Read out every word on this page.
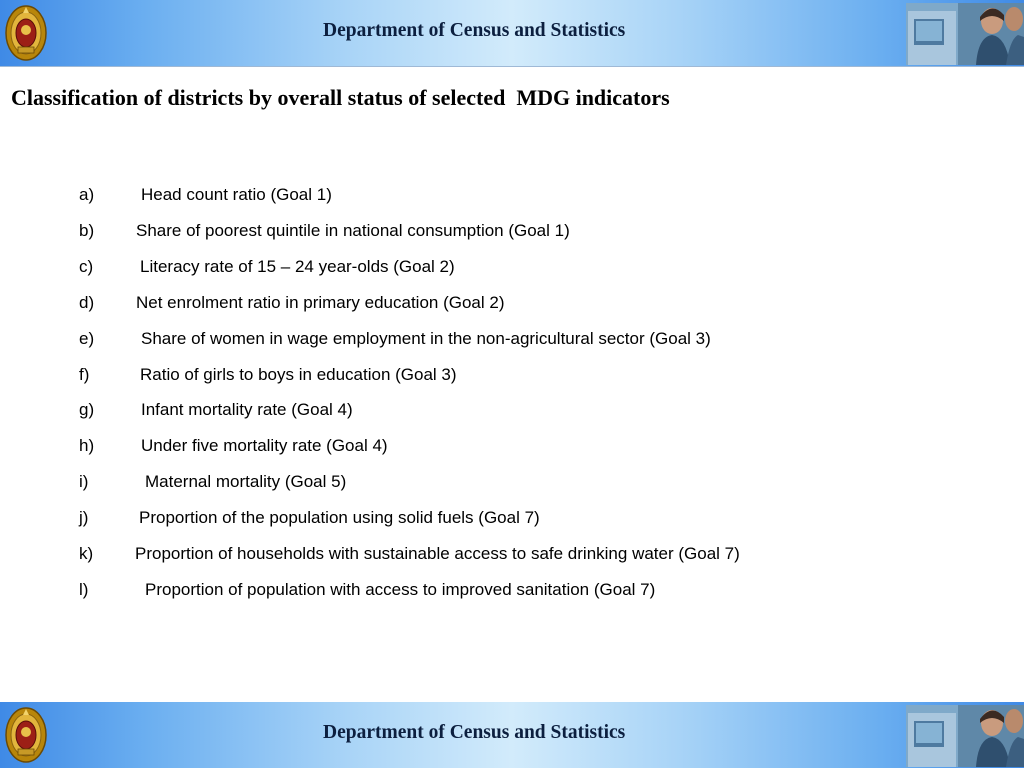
Department of Census and Statistics
Classification of districts by overall status of selected  MDG indicators
a)	Head count ratio (Goal 1)
b) Share of poorest quintile in national consumption (Goal 1)
c)	Literacy rate of 15 – 24 year-olds (Goal 2)
d) Net enrolment ratio in primary education (Goal 2)
e)	Share of women in wage employment in the non-agricultural sector (Goal 3)
f)	Ratio of girls to boys in education (Goal 3)
g)	Infant mortality rate (Goal 4)
h)	Under five mortality rate (Goal 4)
i)	Maternal mortality (Goal 5)
j)	Proportion of the population using solid fuels (Goal 7)
k) Proportion of households with sustainable access to safe drinking water (Goal 7)
l)	Proportion of population with access to improved sanitation (Goal 7)
Department of Census and Statistics
